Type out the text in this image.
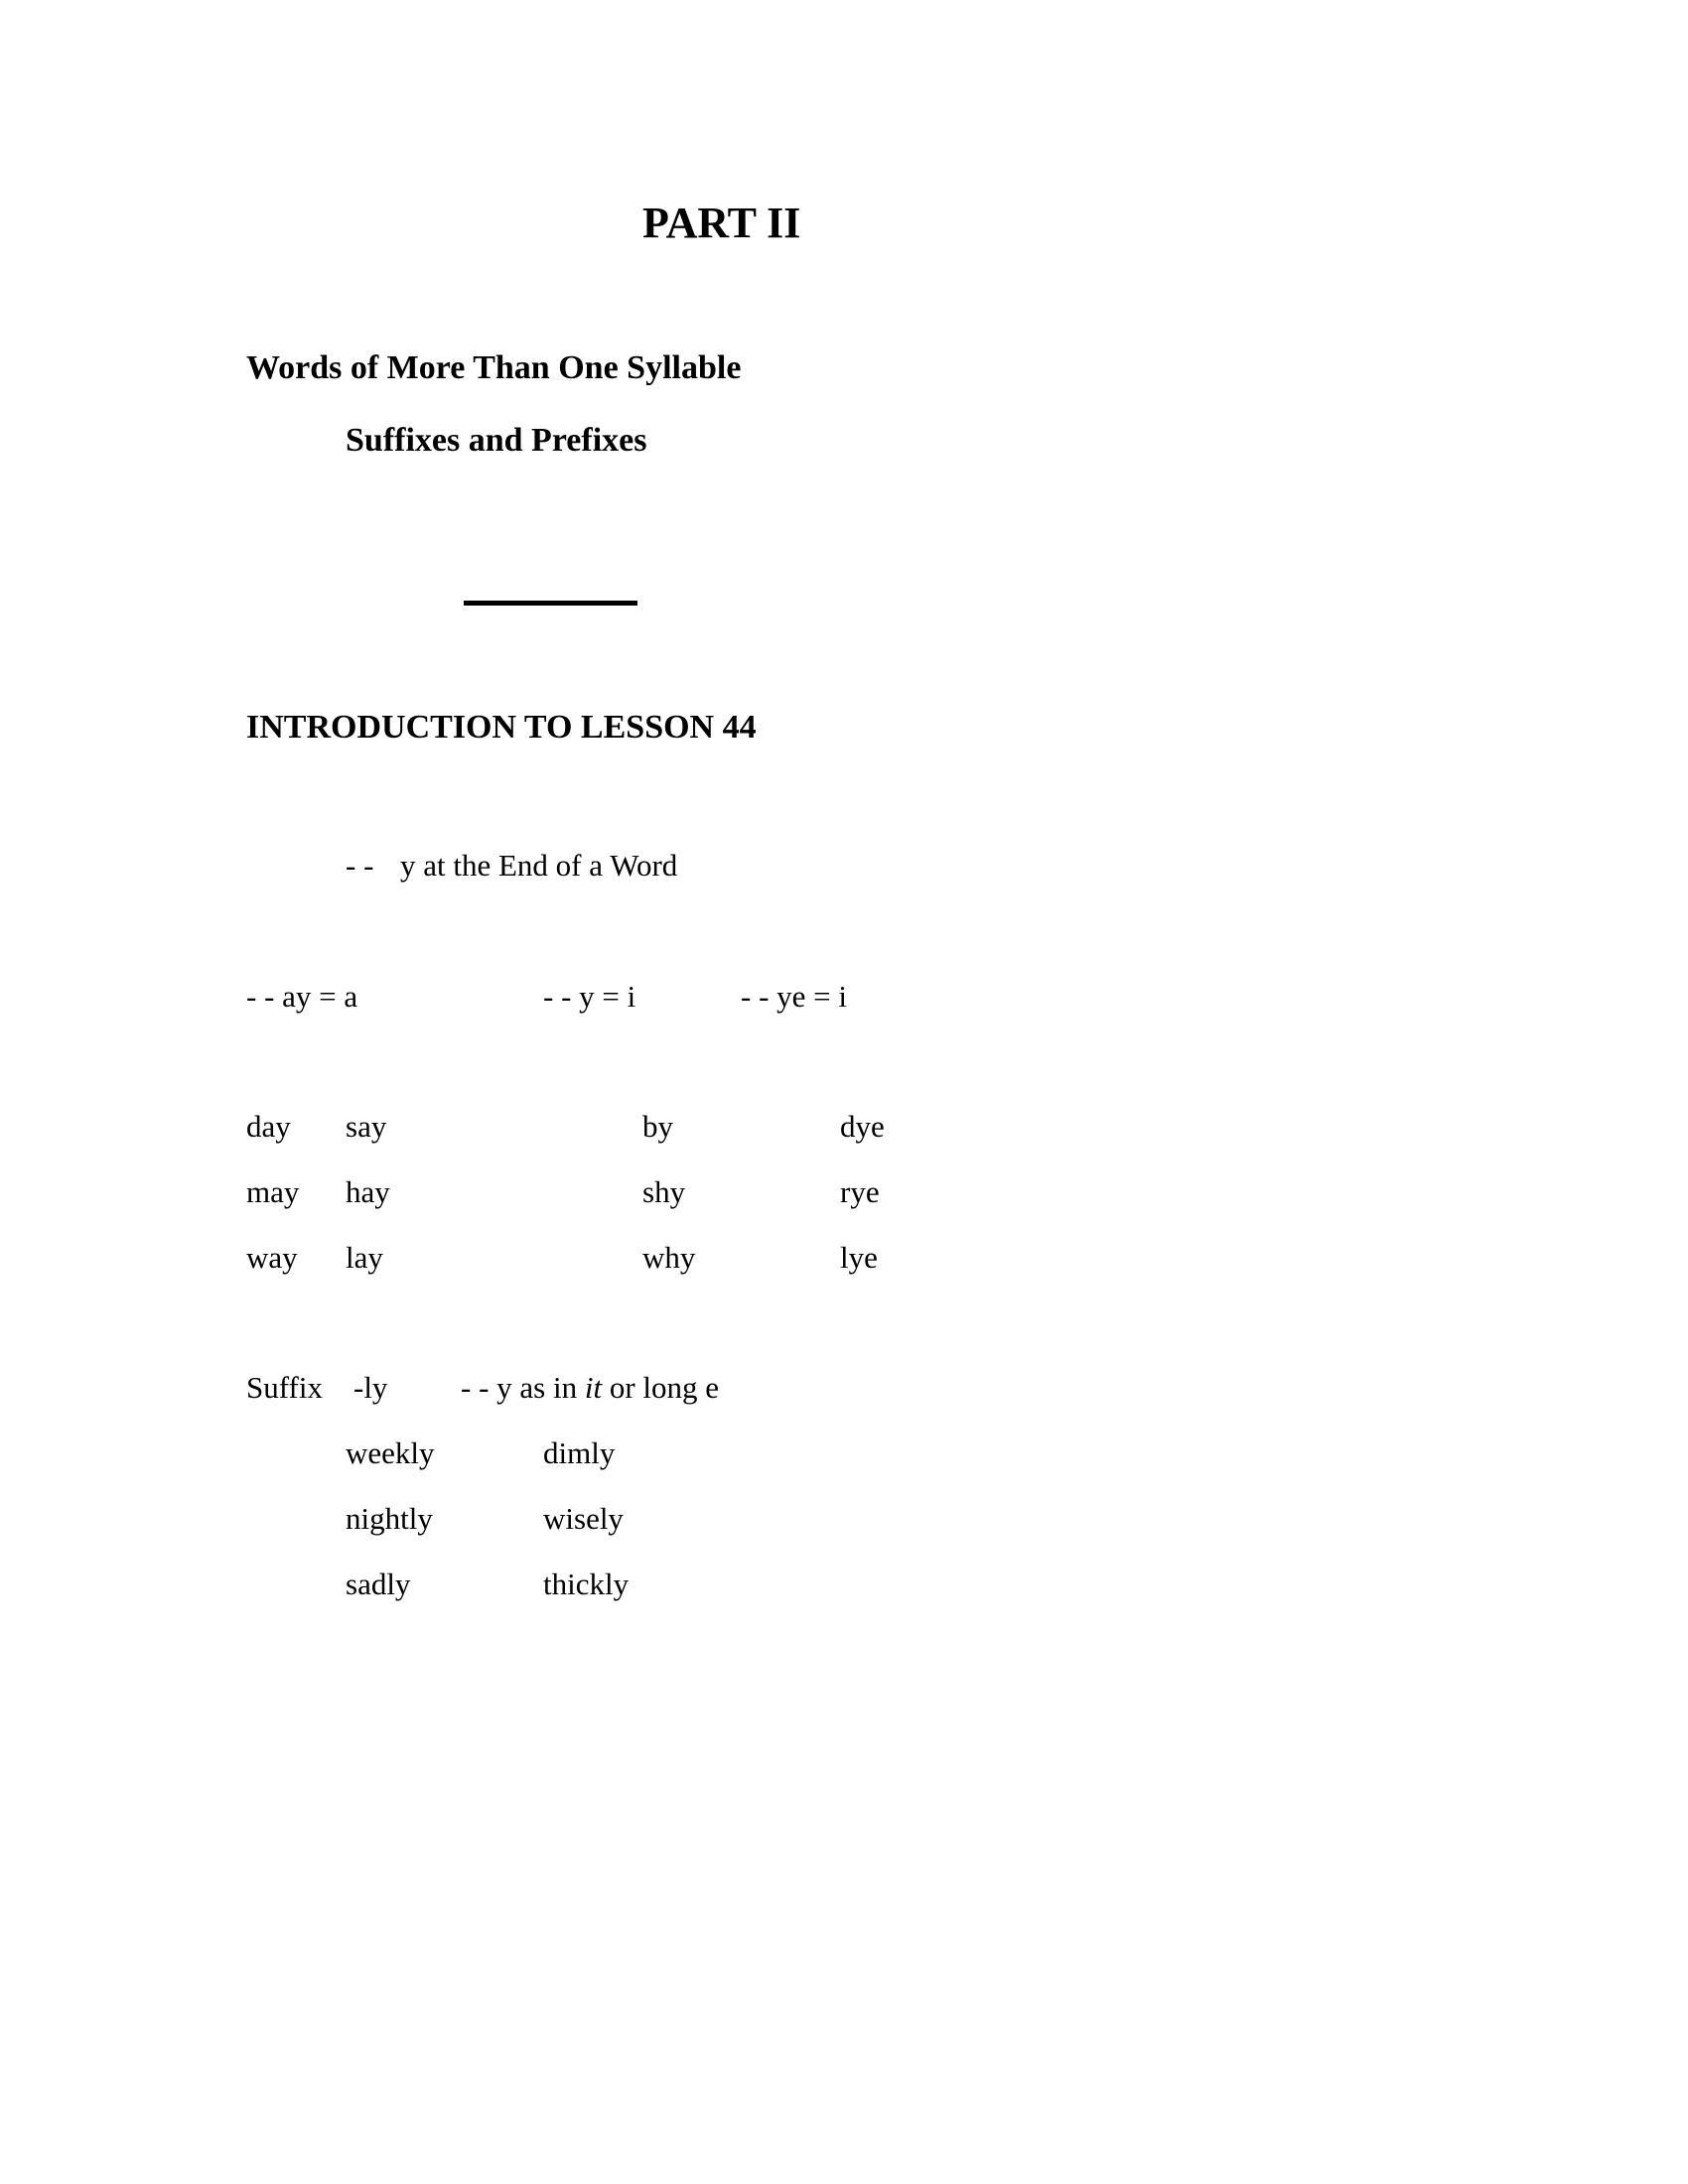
PART II
Words of More Than One Syllable
Suffixes and Prefixes
INTRODUCTION TO LESSON 44
- - y at the End of a Word
- - ay = a	- - y = i	- - ye = i
day
may
way
say
hay
lay
by
shy
why
dye
rye
lye
Suffix -ly - - y as in it or long e
weekly
nightly
sadly
dimly
wisely
thickly
